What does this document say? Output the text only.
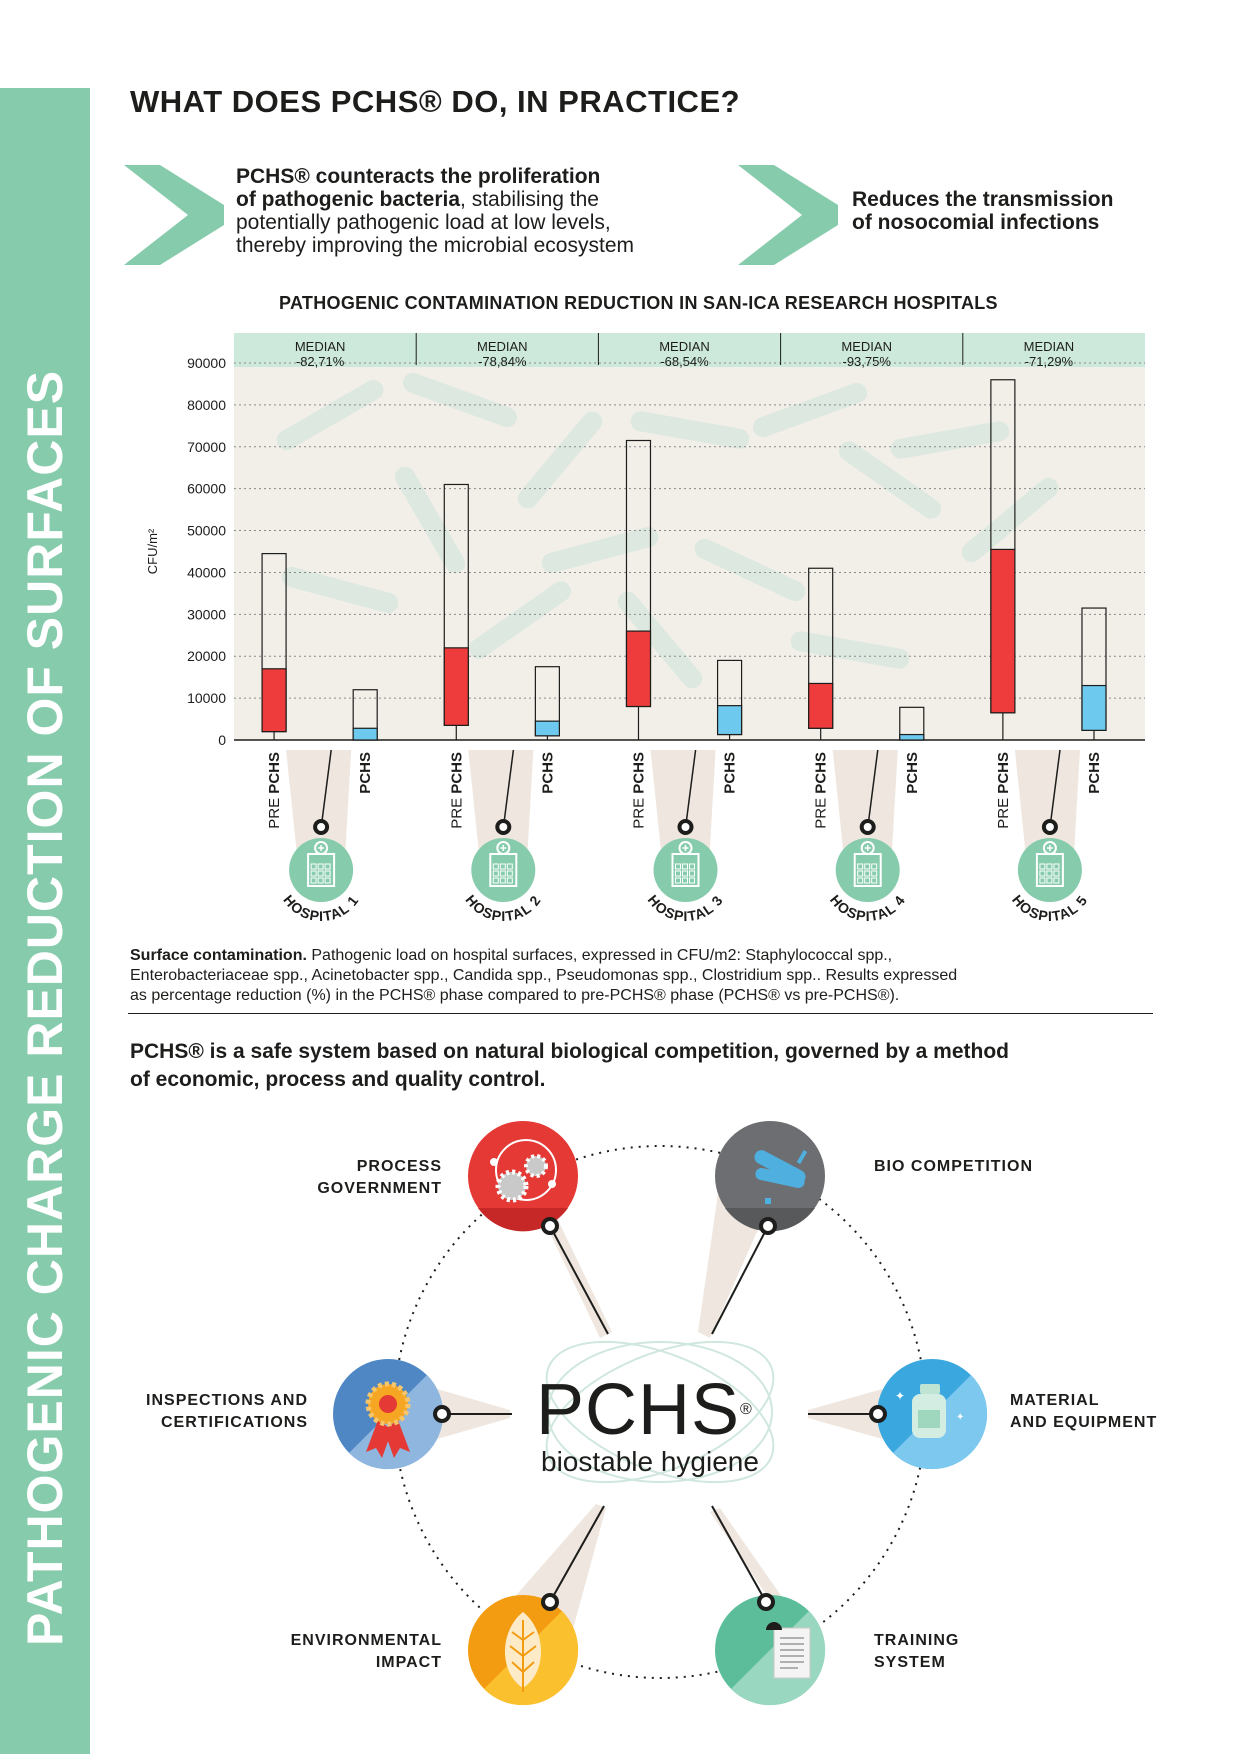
PATHOGENIC CHARGE REDUCTION OF SURFACES
WHAT DOES PCHS® DO, IN PRACTICE?
PCHS® counteracts the proliferation
of pathogenic bacteria, stabilising the
potentially pathogenic load at low levels,
thereby improving the microbial ecosystem
Reduces the transmission
of nosocomial infections
PATHOGENIC CONTAMINATION REDUCTION IN SAN-ICA RESEARCH HOSPITALS
0
10000
20000
30000
40000
50000
60000
70000
80000
90000
CFU/m²
MEDIAN
-82,71%
PRE PCHS	PCHS
HOSPITAL 1
MEDIAN
-78,84%
PRE PCHS	PCHS
HOSPITAL 2
MEDIAN
-68,54%
PRE PCHS	PCHS
HOSPITAL 3
MEDIAN
-93,75%
PRE PCHS	PCHS
HOSPITAL 4
MEDIAN
-71,29%
PRE PCHS	PCHS
HOSPITAL 5
Surface contamination. Pathogenic load on hospital surfaces, expressed in CFU/m2: Staphylococcal spp.,
Enterobacteriaceae spp., Acinetobacter spp., Candida spp., Pseudomonas spp., Clostridium spp.. Results expressed
as percentage reduction (%) in the PCHS® phase compared to pre-PCHS® phase (PCHS® vs pre-PCHS®).
PCHS® is a safe system based on natural biological competition, governed by a method
of economic, process and quality control.
✦
✦
PROCESS
GOVERNMENT
BIO COMPETITION
INSPECTIONS AND
CERTIFICATIONS
MATERIAL
AND EQUIPMENT
ENVIRONMENTAL
IMPACT
TRAINING
SYSTEM
PCHS®
biostable hygiene
